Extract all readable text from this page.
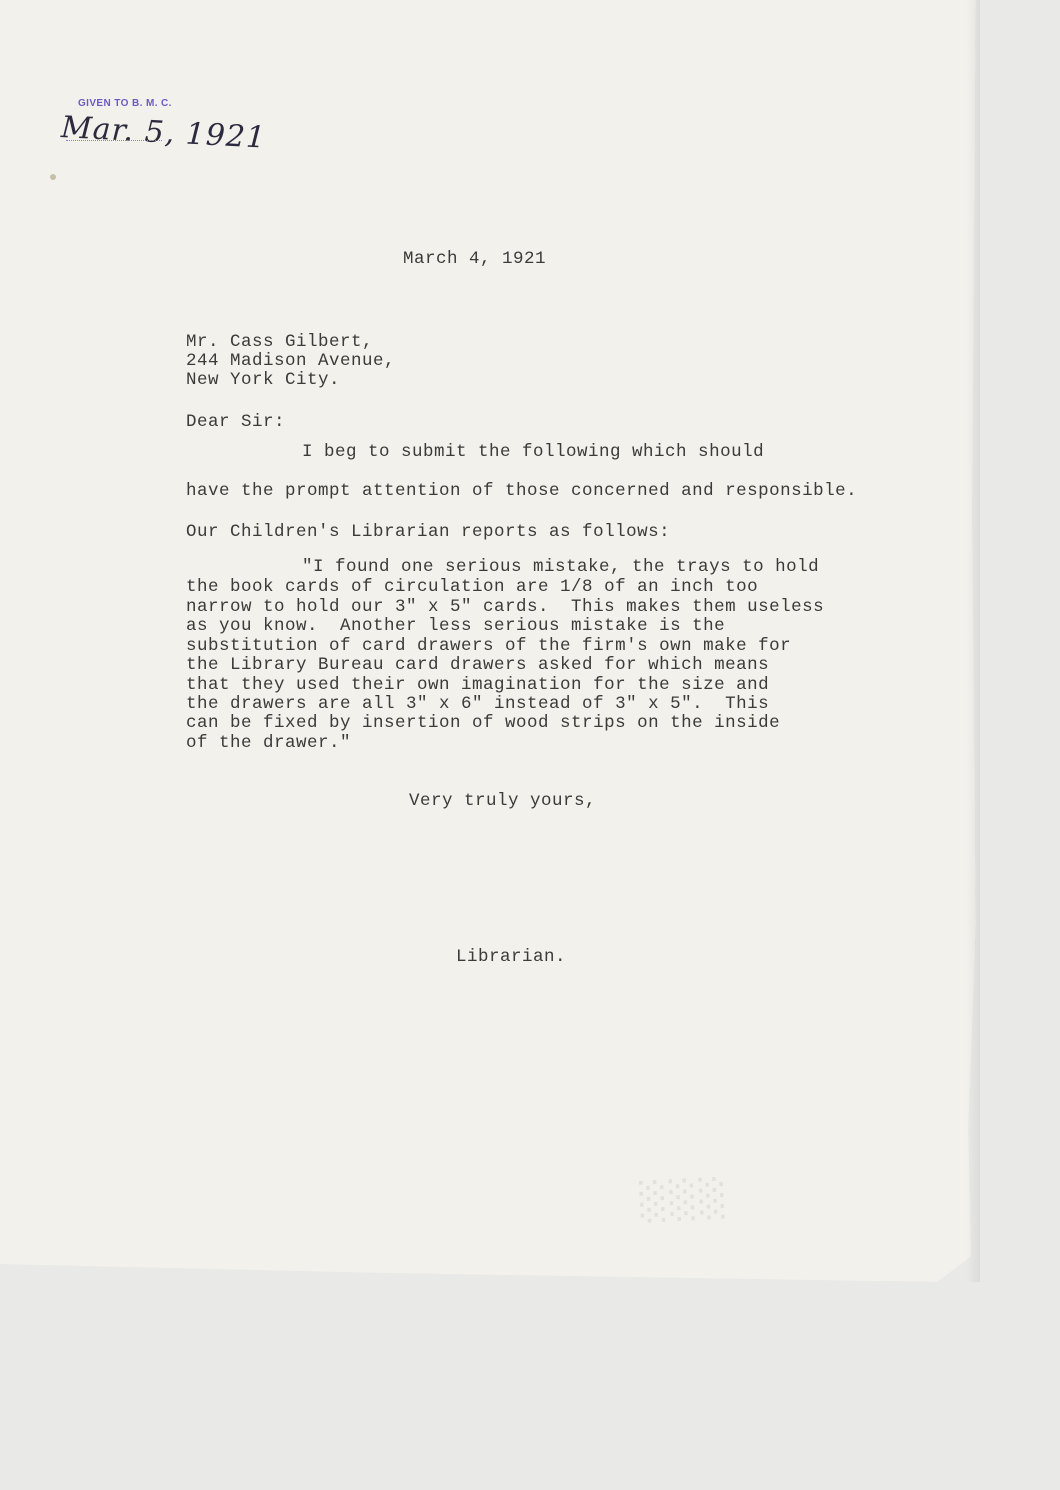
GIVEN TO B. M. C.
Mar. 5, 1921

March 4, 1921

Mr. Cass Gilbert,

244 Madison Avenue,

New York City.

Dear Sir:

I beg to submit the following which should

have the prompt attention of those concerned and responsible.

Our Children's Librarian reports as follows:

"I found one serious mistake, the trays to hold

the book cards of circulation are 1/8 of an inch too

narrow to hold our 3" x 5" cards.  This makes them useless

as you know.  Another less serious mistake is the

substitution of card drawers of the firm's own make for

the Library Bureau card drawers asked for which means

that they used their own imagination for the size and

the drawers are all 3" x 6" instead of 3" x 5".  This

can be fixed by insertion of wood strips on the inside

of the drawer."

Very truly yours,

Librarian.

░░░
